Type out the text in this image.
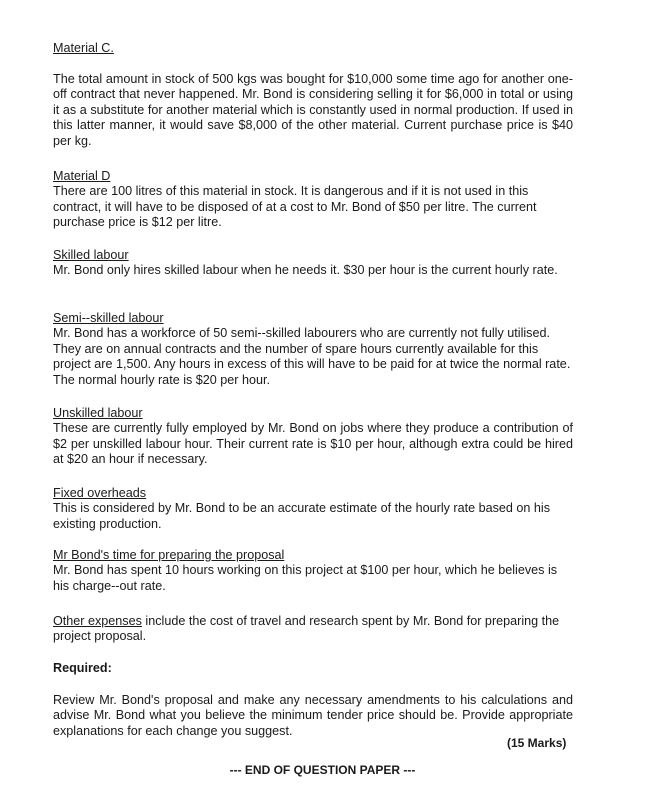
Material C.

The total amount in stock of 500 kgs was bought for $10,000 some time ago for another one-off contract that never happened. Mr. Bond is considering selling it for $6,000 in total or using it as a substitute for another material which is constantly used in normal production. If used in this latter manner, it would save $8,000 of the other material. Current purchase price is $40 per kg.

Material D
There are 100 litres of this material in stock. It is dangerous and if it is not used in this contract, it will have to be disposed of at a cost to Mr. Bond of $50 per litre. The current purchase price is $12 per litre.
Skilled labour
Mr. Bond only hires skilled labour when he needs it. $30 per hour is the current hourly rate.
Semi--skilled labour
Mr. Bond has a workforce of 50 semi--skilled labourers who are currently not fully utilised. They are on annual contracts and the number of spare hours currently available for this project are 1,500. Any hours in excess of this will have to be paid for at twice the normal rate. The normal hourly rate is $20 per hour.
Unskilled labour
These are currently fully employed by Mr. Bond on jobs where they produce a contribution of $2 per unskilled labour hour. Their current rate is $10 per hour, although extra could be hired at $20 an hour if necessary.
Fixed overheads
This is considered by Mr. Bond to be an accurate estimate of the hourly rate based on his existing production.
Mr Bond's time for preparing the proposal
Mr. Bond has spent 10 hours working on this project at $100 per hour, which he believes is his charge--out rate.

Other expenses include the cost of travel and research spent by Mr. Bond for preparing the project proposal.

Required:

Review Mr. Bond's proposal and make any necessary amendments to his calculations and advise Mr. Bond what you believe the minimum tender price should be. Provide appropriate explanations for each change you suggest.

(15 Marks)
--- END OF QUESTION PAPER ---
